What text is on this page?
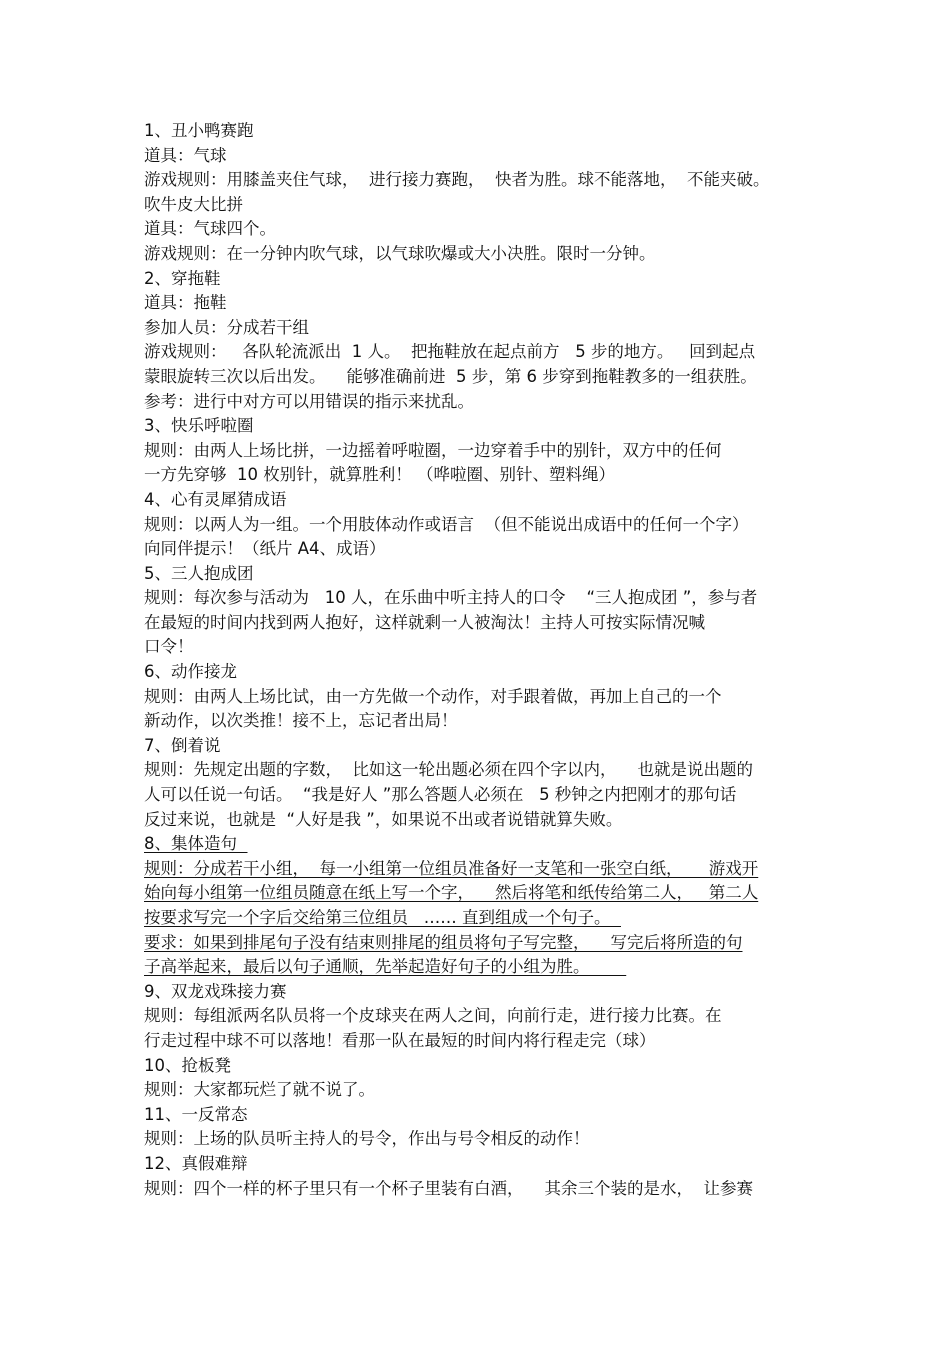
1、丑小鸭赛跑
道具：气球
游戏规则：用膝盖夹住气球，  进行接力赛跑，  快者为胜。球不能落地，  不能夹破。
吹牛皮大比拼
道具：气球四个。
游戏规则：在一分钟内吹气球，以气球吹爆或大小决胜。限时一分钟。
2、穿拖鞋
道具：拖鞋
参加人员：分成若干组
游戏规则：   各队轮流派出  1 人。  把拖鞋放在起点前方   5 步的地方。   回到起点
蒙眼旋转三次以后出发。    能够准确前进  5 步，第 6 步穿到拖鞋教多的一组获胜。
参考：进行中对方可以用错误的指示来扰乱。
3、快乐呼啦圈
规则：由两人上场比拼，一边摇着呼啦圈，一边穿着手中的别针，双方中的任何
一方先穿够  10 枚别针，就算胜利！ （哗啦圈、别针、塑料绳）
4、心有灵犀猜成语
规则：以两人为一组。一个用肢体动作或语言  （但不能说出成语中的任何一个字）
向同伴提示！（纸片 A4、成语）
5、三人抱成团
规则：每次参与活动为   10 人，在乐曲中听主持人的口令    “三人抱成团 ”，参与者
在最短的时间内找到两人抱好，这样就剩一人被淘汰！主持人可按实际情况喊
口令！
6、动作接龙
规则：由两人上场比试，由一方先做一个动作，对手跟着做，再加上自己的一个
新动作，以次类推！接不上，忘记者出局！
7、倒着说
规则：先规定出题的字数，  比如这一轮出题必须在四个字以内，    也就是说出题的
人可以任说一句话。  “我是好人 ”那么答题人必须在   5 秒钟之内把刚才的那句话
反过来说，也就是  “人好是我 ”，如果说不出或者说错就算失败。
8、集体造句
规则：分成若干小组，  每一小组第一位组员准备好一支笔和一张空白纸，     游戏开
始向每小组第一位组员随意在纸上写一个字，    然后将笔和纸传给第二人，   第二人
按要求写完一个字后交给第三位组员   …… 直到组成一个句子。
要求：如果到排尾句子没有结束则排尾的组员将句子写完整，    写完后将所造的句
子高举起来，最后以句子通顺，先举起造好句子的小组为胜。
9、双龙戏珠接力赛
规则：每组派两名队员将一个皮球夹在两人之间，向前行走，进行接力比赛。在
行走过程中球不可以落地！看那一队在最短的时间内将行程走完（球）
10、抢板凳
规则：大家都玩烂了就不说了。
11、一反常态
规则：上场的队员听主持人的号令，作出与号令相反的动作！
12、真假难辩
规则：四个一样的杯子里只有一个杯子里装有白酒，    其余三个装的是水，  让参赛
